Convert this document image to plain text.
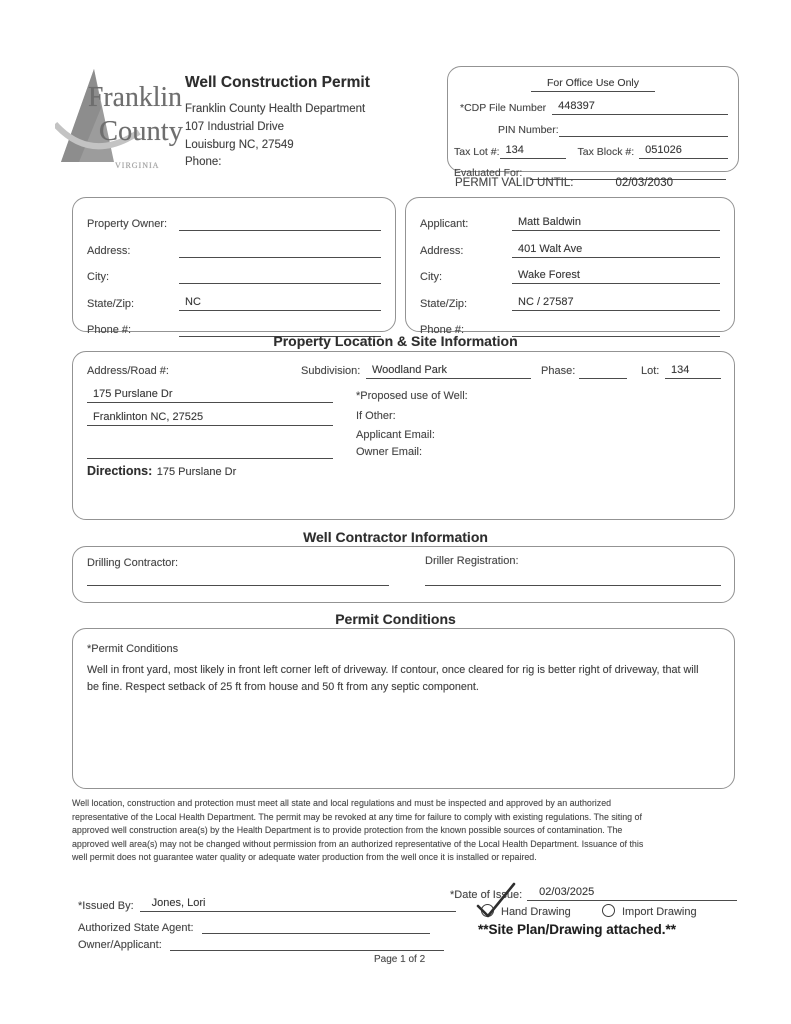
Franklin
County
VIRGINIA
Well Construction Permit
Franklin County Health Department
107 Industrial Drive
Louisburg NC, 27549
Phone:
For Office Use Only
*CDP File Number	448397
PIN Number:
Tax Lot #: 134	Tax Block #:	051026
Evaluated For:
PERMIT VALID UNTIL:	02/03/2030
Property Owner:
Address:
City:
State/Zip:	NC
Phone #:
Applicant:	Matt Baldwin
Address:	401 Walt Ave
City:	Wake Forest
State/Zip:	NC / 27587
Phone #:
Property Location & Site Information
Address/Road #:	Subdivision:	Woodland Park	Phase:	Lot:	134
175 Purslane Dr
Franklinton NC, 27525
*Proposed use of Well:
If Other:
Applicant Email:
Owner Email:
Directions: 175 Purslane Dr
Well Contractor Information
Drilling Contractor:	Driller Registration:
Permit Conditions
*Permit Conditions
Well in front yard, most likely in front left corner left of driveway. If contour, once cleared for rig is better right of driveway, that will be fine. Respect setback of 25 ft from house and 50 ft from any septic component.
Well location, construction and protection must meet all state and local regulations and must be inspected and approved by an authorized representative of the Local Health Department. The permit may be revoked at any time for failure to comply with existing regulations. The siting of approved well construction area(s) by the Health Department is to provide protection from the known possible sources of contamination. The approved well area(s) may not be changed without permission from an authorized representative of the Local Health Department. Issuance of this well permit does not guarantee water quality or adequate water production from the well once it is installed or repaired.
*Issued By:	Jones, Lori
Authorized State Agent:
Owner/Applicant:
Page 1 of 2
*Date of Issue:	02/03/2025
Hand Drawing	Import Drawing
**Site Plan/Drawing attached.**
